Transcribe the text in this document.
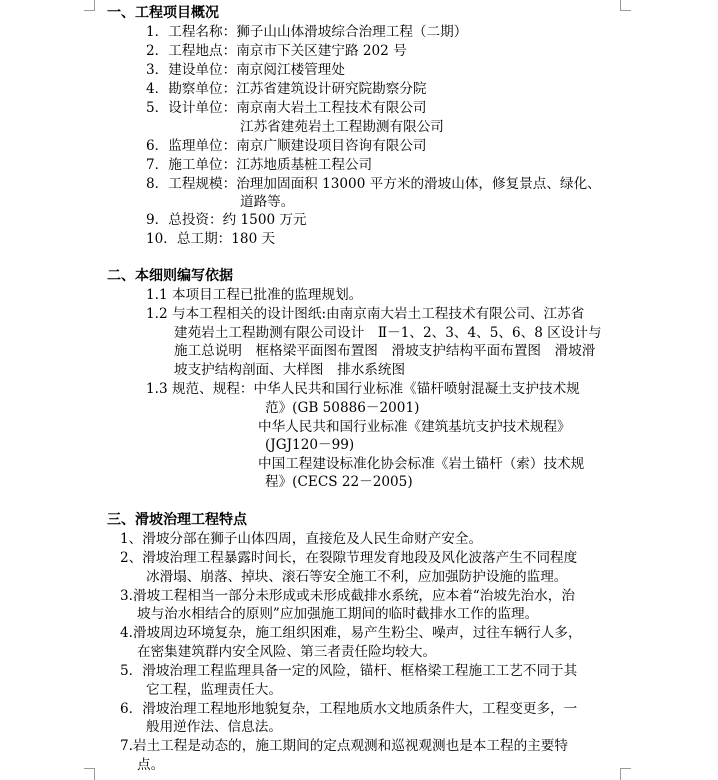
一、工程项目概况
1．工程名称：狮子山山体滑坡综合治理工程（二期）
2．工程地点：南京市下关区建宁路 202 号
3．建设单位：南京阅江楼管理处
4．勘察单位：江苏省建筑设计研究院勘察分院
5．设计单位：南京南大岩土工程技术有限公司
江苏省建苑岩土工程勘测有限公司
6．监理单位：南京广顺建设项目咨询有限公司
7．施工单位：江苏地质基桩工程公司
8．工程规模：治理加固面积 13000 平方米的滑坡山体，修复景点、绿化、
道路等。
9．总投资：约 1500 万元
10．总工期：180 天
二、本细则编写依据
1.1 本项目工程已批准的监理规划。
1.2 与本工程相关的设计图纸:由南京南大岩土工程技术有限公司、江苏省
建苑岩土工程勘测有限公司设计　Ⅱ－1、2、3、4、5、6、8 区设计与
施工总说明　框格梁平面图布置图　滑坡支护结构平面布置图　滑坡滑
坡支护结构剖面、大样图　排水系统图
1.3 规范、规程：中华人民共和国行业标准《锚杆喷射混凝土支护技术规
范》(GB 50886－2001)
中华人民共和国行业标准《建筑基坑支护技术规程》
(JGJ120－99)
中国工程建设标准化协会标准《岩土锚杆（索）技术规
程》(CECS 22－2005)
三、滑坡治理工程特点
1、滑坡分部在狮子山体四周，直接危及人民生命财产安全。
2、滑坡治理工程暴露时间长，在裂隙节理发育地段及风化波落产生不同程度
冰滑塌、崩落、掉块、滚石等安全施工不利，应加强防护设施的监理。
3.滑坡工程相当一部分未形成或未形成截排水系统，应本着“治坡先治水，治
坡与治水相结合的原则”应加强施工期间的临时截排水工作的监理。
4.滑坡周边环境复杂，施工组织困难，易产生粉尘、噪声，过往车辆行人多，
在密集建筑群内安全风险、第三者责任险均较大。
5．滑坡治理工程监理具备一定的风险，锚杆、框格梁工程施工工艺不同于其
它工程，监理责任大。
6．滑坡治理工程地形地貌复杂，工程地质水文地质条件大，工程变更多，一
般用逆作法、信息法。
7.岩土工程是动态的，施工期间的定点观测和巡视观测也是本工程的主要特
点。
